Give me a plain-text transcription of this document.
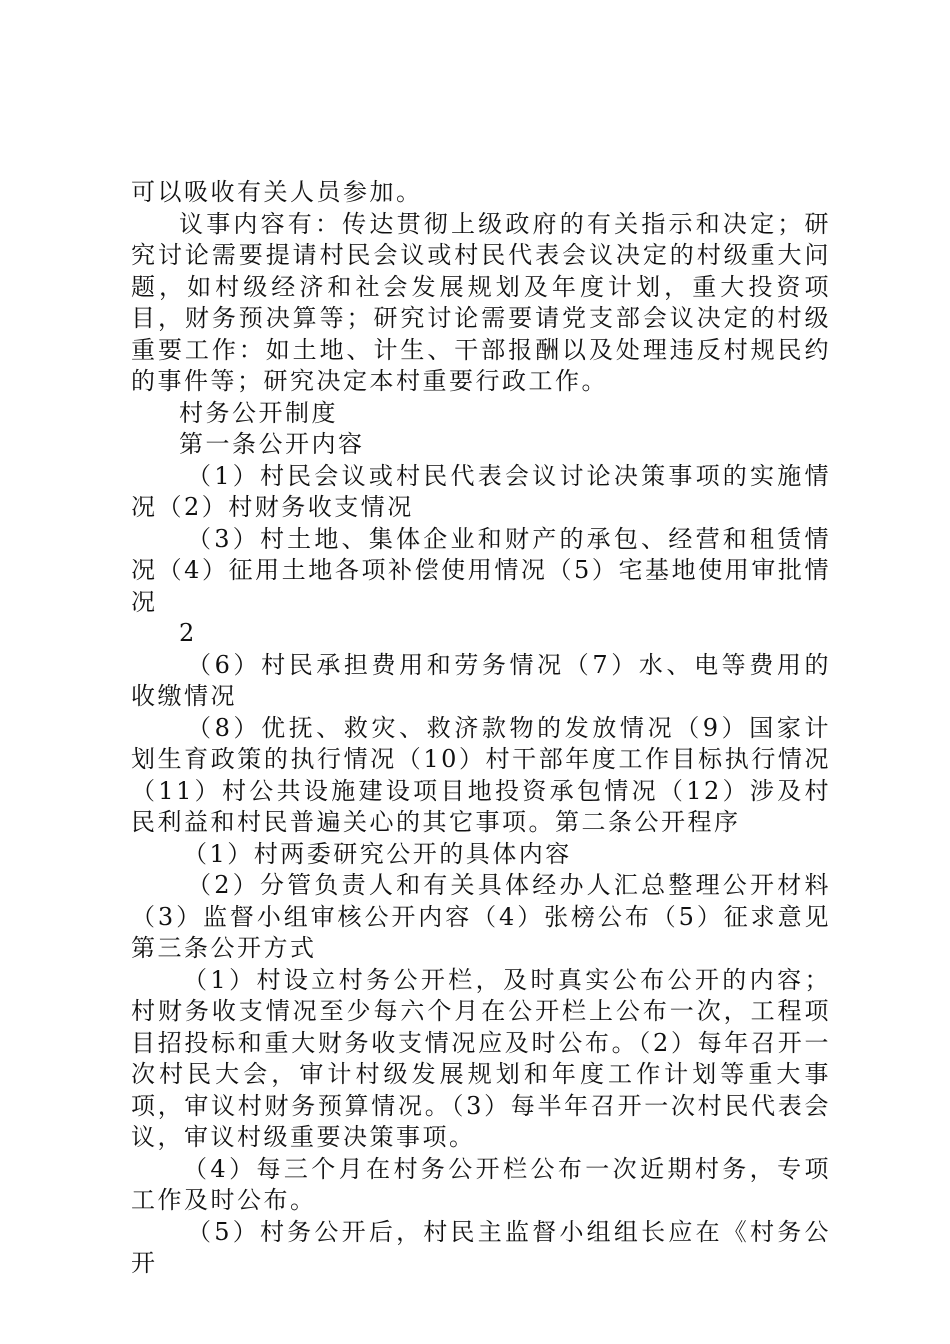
可以吸收有关人员参加。

议事内容有：传达贯彻上级政府的有关指示和决定；研究讨论需要提请村民会议或村民代表会议决定的村级重大问题，如村级经济和社会发展规划及年度计划，重大投资项目，财务预决算等；研究讨论需要请党支部会议决定的村级重要工作：如土地、计生、干部报酬以及处理违反村规民约的事件等；研究决定本村重要行政工作。

村务公开制度

第一条公开内容

（1）村民会议或村民代表会议讨论决策事项的实施情况（2）村财务收支情况

（3）村土地、集体企业和财产的承包、经营和租赁情况（4）征用土地各项补偿使用情况（5）宅基地使用审批情况

2

（6）村民承担费用和劳务情况（7）水、电等费用的收缴情况

（8）优抚、救灾、救济款物的发放情况（9）国家计划生育政策的执行情况（10）村干部年度工作目标执行情况（11）村公共设施建设项目地投资承包情况（12）涉及村民利益和村民普遍关心的其它事项。第二条公开程序

（1）村两委研究公开的具体内容

（2）分管负责人和有关具体经办人汇总整理公开材料（3）监督小组审核公开内容（4）张榜公布（5）征求意见第三条公开方式

（1）村设立村务公开栏，及时真实公布公开的内容；村财务收支情况至少每六个月在公开栏上公布一次，工程项目招投标和重大财务收支情况应及时公布。（2）每年召开一次村民大会，审计村级发展规划和年度工作计划等重大事项，审议村财务预算情况。（3）每半年召开一次村民代表会议，审议村级重要决策事项。

（4）每三个月在村务公开栏公布一次近期村务，专项工作及时公布。

（5）村务公开后，村民主监督小组组长应在《村务公开
